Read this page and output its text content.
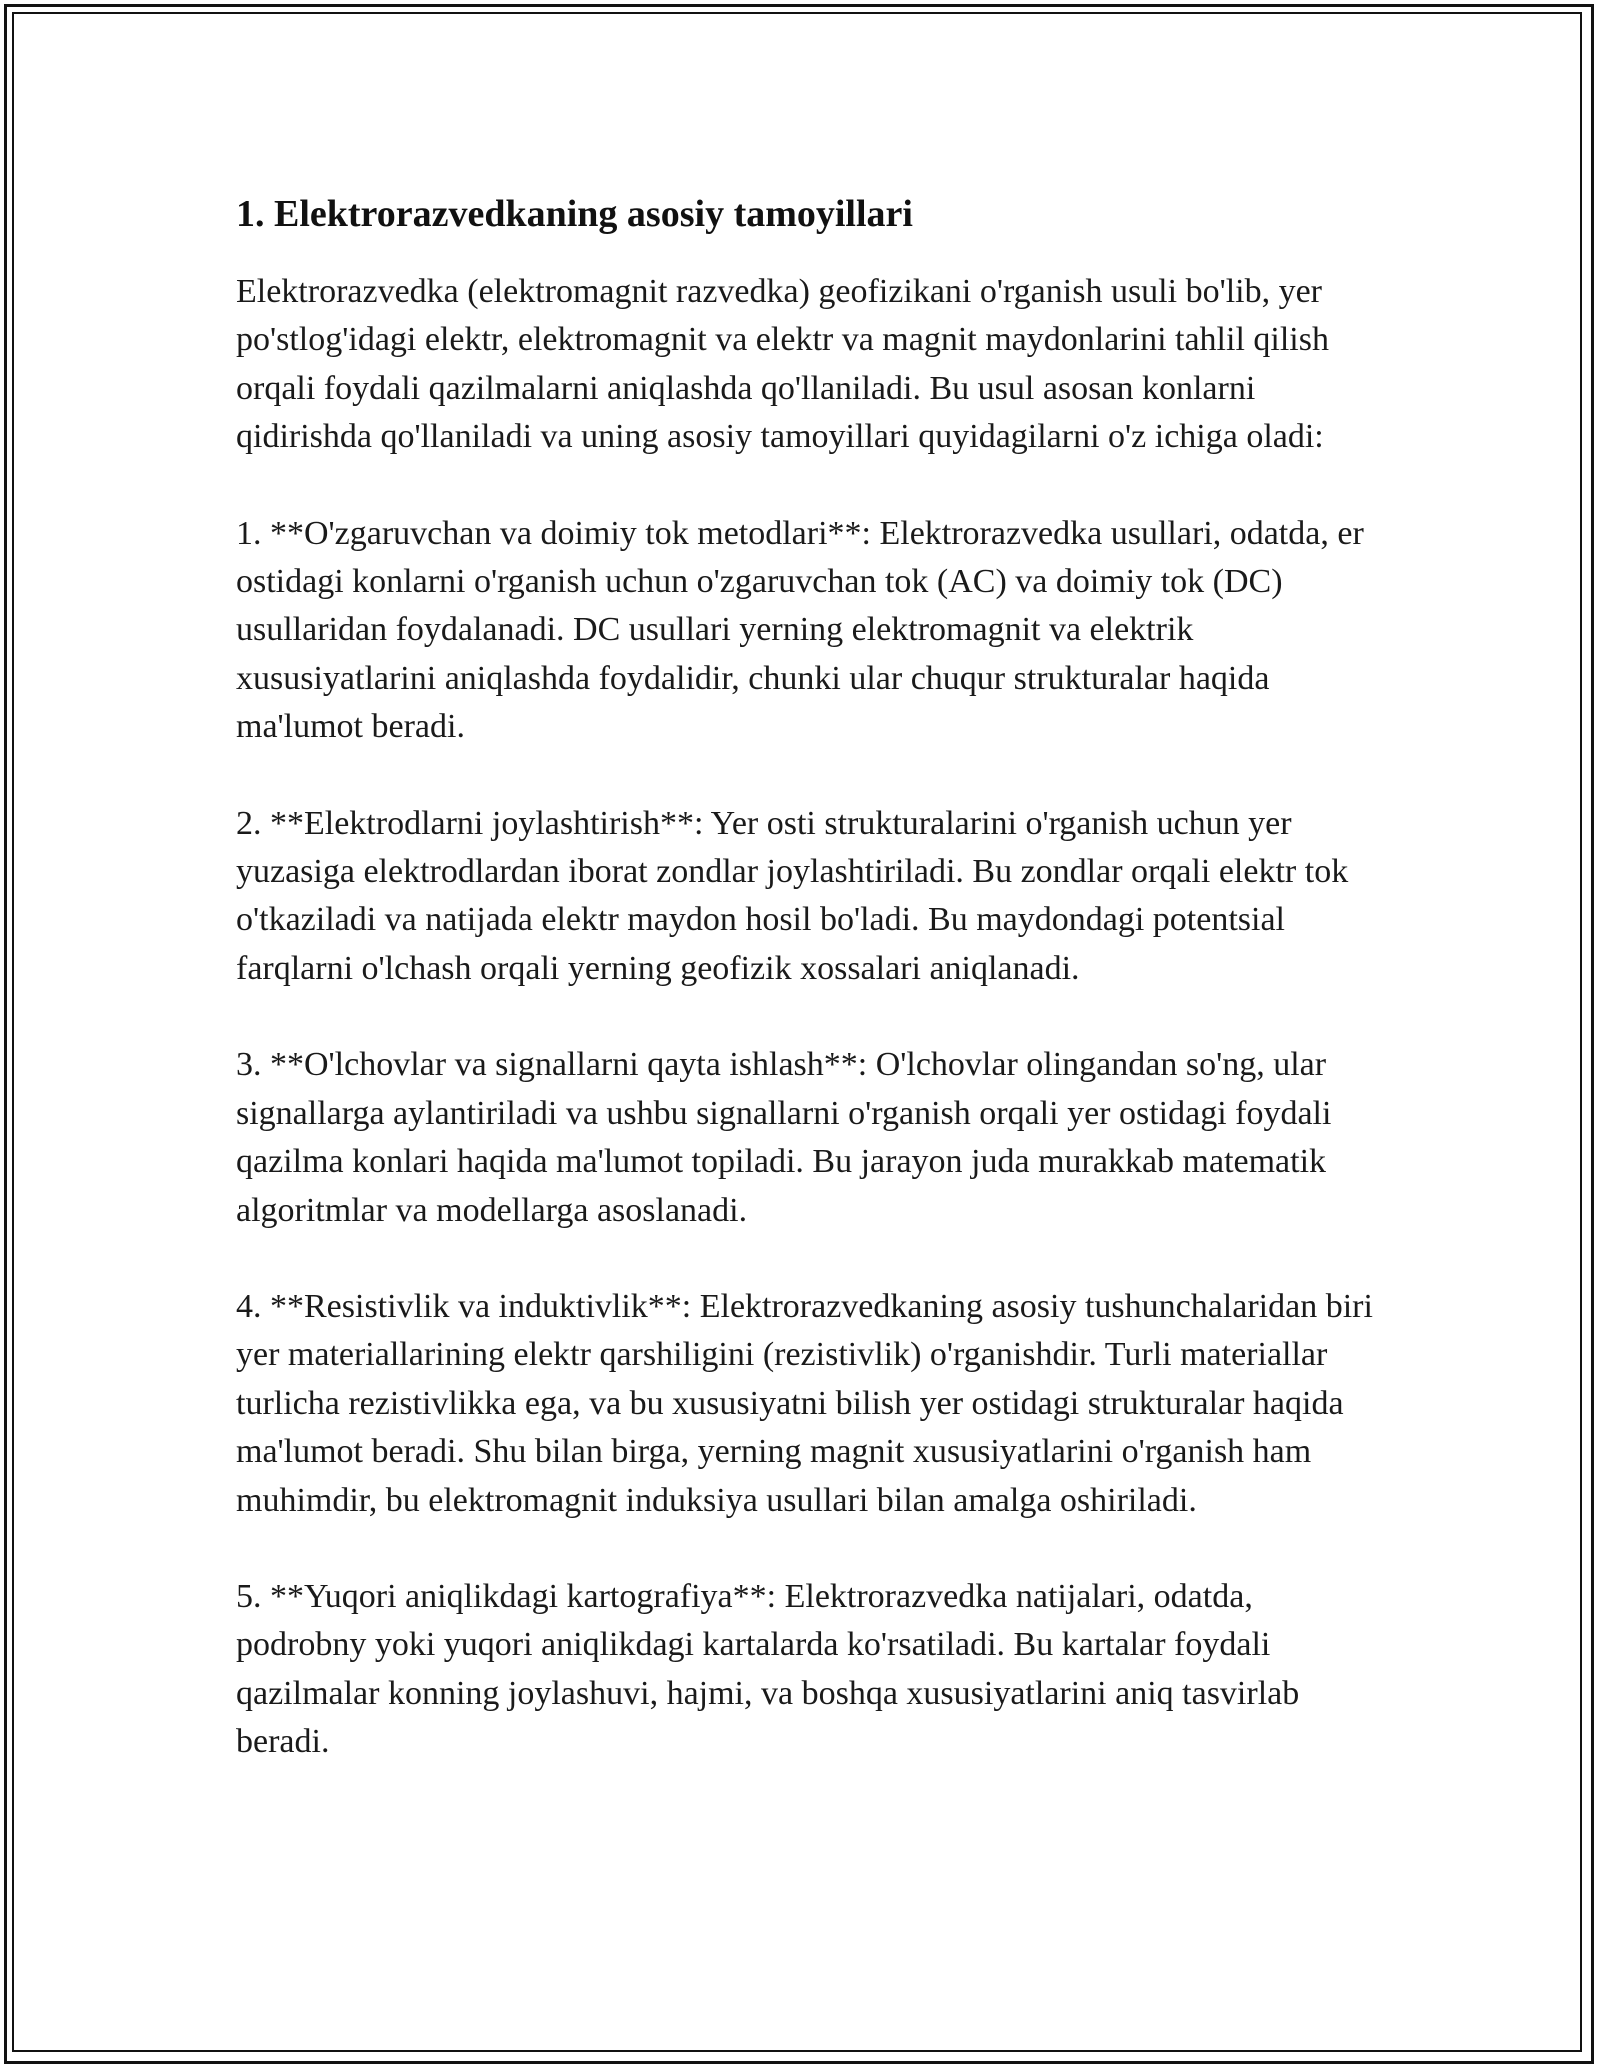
1. Elektrorazvedkaning asosiy tamoyillari

Elektrorazvedka (elektromagnit razvedka) geofizikani o'rganish usuli bo'lib, yer po'stlog'idagi elektr, elektromagnit va elektr va magnit maydonlarini tahlil qilish orqali foydali qazilmalarni aniqlashda qo'llaniladi. Bu usul asosan konlarni qidirishda qo'llaniladi va uning asosiy tamoyillari quyidagilarni o'z ichiga oladi:

1. **O'zgaruvchan va doimiy tok metodlari**: Elektrorazvedka usullari, odatda, er ostidagi konlarni o'rganish uchun o'zgaruvchan tok (AC) va doimiy tok (DC) usullaridan foydalanadi. DC usullari yerning elektromagnit va elektrik xususiyatlarini aniqlashda foydalidir, chunki ular chuqur strukturalar haqida ma'lumot beradi.

2. **Elektrodlarni joylashtirish**: Yer osti strukturalarini o'rganish uchun yer yuzasiga elektrodlardan iborat zondlar joylashtiriladi. Bu zondlar orqali elektr tok o'tkaziladi va natijada elektr maydon hosil bo'ladi. Bu maydondagi potentsial farqlarni o'lchash orqali yerning geofizik xossalari aniqlanadi.

3. **O'lchovlar va signallarni qayta ishlash**: O'lchovlar olingandan so'ng, ular signallarga aylantiriladi va ushbu signallarni o'rganish orqali yer ostidagi foydali qazilma konlari haqida ma'lumot topiladi. Bu jarayon juda murakkab matematik algoritmlar va modellarga asoslanadi.

4. **Resistivlik va induktivlik**: Elektrorazvedkaning asosiy tushunchalaridan biri yer materiallarining elektr qarshiligini (rezistivlik) o'rganishdir. Turli materiallar turlicha rezistivlikka ega, va bu xususiyatni bilish yer ostidagi strukturalar haqida ma'lumot beradi. Shu bilan birga, yerning magnit xususiyatlarini o'rganish ham muhimdir, bu elektromagnit induksiya usullari bilan amalga oshiriladi.

5. **Yuqori aniqlikdagi kartografiya**: Elektrorazvedka natijalari, odatda, podrobny yoki yuqori aniqlikdagi kartalarda ko'rsatiladi. Bu kartalar foydali qazilmalar konning joylashuvi, hajmi, va boshqa xususiyatlarini aniq tasvirlab beradi.
